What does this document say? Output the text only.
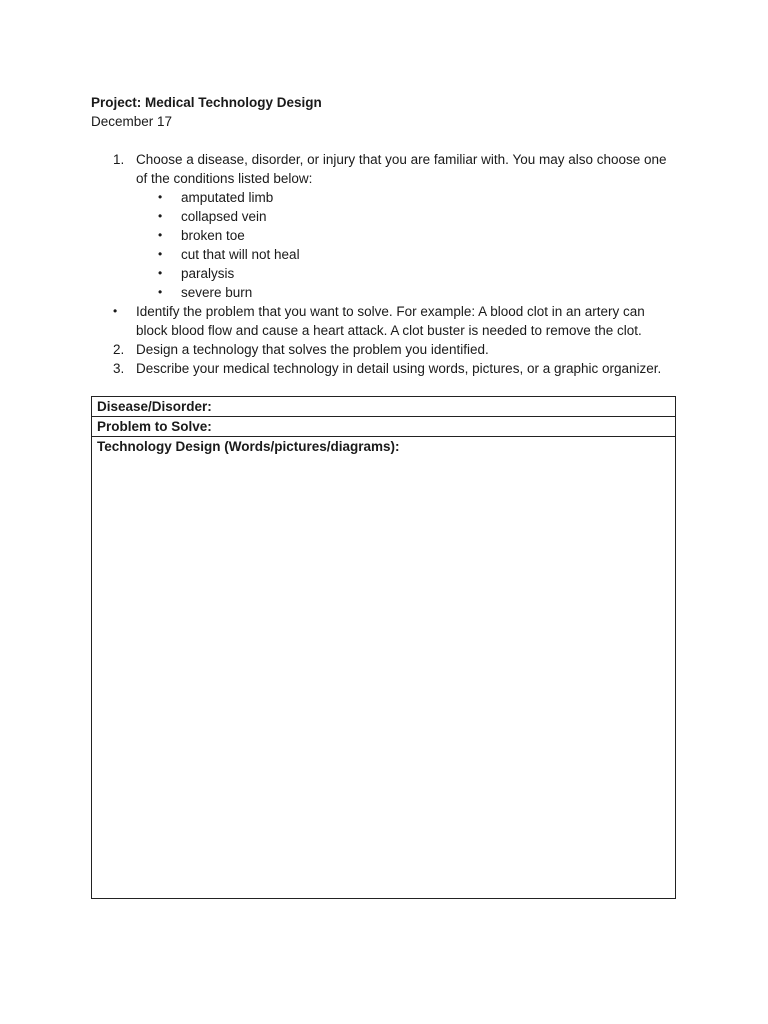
Project: Medical Technology Design
December 17
1. Choose a disease, disorder, or injury that you are familiar with. You may also choose one
of the conditions listed below:
• amputated limb
• collapsed vein
• broken toe
• cut that will not heal
• paralysis
• severe burn
• Identify the problem that you want to solve. For example: A blood clot in an artery can
block blood flow and cause a heart attack. A clot buster is needed to remove the clot.
2. Design a technology that solves the problem you identified.
3. Describe your medical technology in detail using words, pictures, or a graphic organizer.
Disease/Disorder:
Problem to Solve:
Technology Design (Words/pictures/diagrams):
